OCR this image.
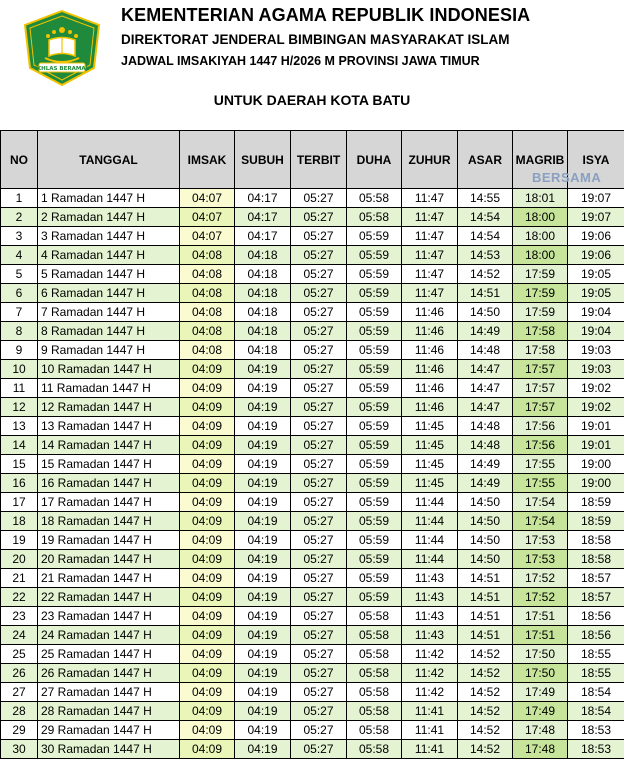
IKHLAS BERAMAL
KEMENTERIAN AGAMA REPUBLIK INDONESIA
DIREKTORAT JENDERAL BIMBINGAN MASYARAKAT ISLAM
JADWAL IMSAKIYAH 1447 H/2026 M PROVINSI JAWA TIMUR
UNTUK DAERAH KOTA BATU
NO	TANGGAL	IMSAK	SUBUH	TERBIT	DUHA	ZUHUR	ASAR	MAGRIB	ISYA
1	1 Ramadan 1447 H	04:07	04:17	05:27	05:58	11:47	14:55	18:01	19:07
2	2 Ramadan 1447 H	04:07	04:17	05:27	05:58	11:47	14:54	18:00	19:07
3	3 Ramadan 1447 H	04:07	04:17	05:27	05:59	11:47	14:54	18:00	19:06
4	4 Ramadan 1447 H	04:08	04:18	05:27	05:59	11:47	14:53	18:00	19:06
5	5 Ramadan 1447 H	04:08	04:18	05:27	05:59	11:47	14:52	17:59	19:05
6	6 Ramadan 1447 H	04:08	04:18	05:27	05:59	11:47	14:51	17:59	19:05
7	7 Ramadan 1447 H	04:08	04:18	05:27	05:59	11:46	14:50	17:59	19:04
8	8 Ramadan 1447 H	04:08	04:18	05:27	05:59	11:46	14:49	17:58	19:04
9	9 Ramadan 1447 H	04:08	04:18	05:27	05:59	11:46	14:48	17:58	19:03
10	10 Ramadan 1447 H	04:09	04:19	05:27	05:59	11:46	14:47	17:57	19:03
11	11 Ramadan 1447 H	04:09	04:19	05:27	05:59	11:46	14:47	17:57	19:02
12	12 Ramadan 1447 H	04:09	04:19	05:27	05:59	11:46	14:47	17:57	19:02
13	13 Ramadan 1447 H	04:09	04:19	05:27	05:59	11:45	14:48	17:56	19:01
14	14 Ramadan 1447 H	04:09	04:19	05:27	05:59	11:45	14:48	17:56	19:01
15	15 Ramadan 1447 H	04:09	04:19	05:27	05:59	11:45	14:49	17:55	19:00
16	16 Ramadan 1447 H	04:09	04:19	05:27	05:59	11:45	14:49	17:55	19:00
17	17 Ramadan 1447 H	04:09	04:19	05:27	05:59	11:44	14:50	17:54	18:59
18	18 Ramadan 1447 H	04:09	04:19	05:27	05:59	11:44	14:50	17:54	18:59
19	19 Ramadan 1447 H	04:09	04:19	05:27	05:59	11:44	14:50	17:53	18:58
20	20 Ramadan 1447 H	04:09	04:19	05:27	05:59	11:44	14:50	17:53	18:58
21	21 Ramadan 1447 H	04:09	04:19	05:27	05:59	11:43	14:51	17:52	18:57
22	22 Ramadan 1447 H	04:09	04:19	05:27	05:59	11:43	14:51	17:52	18:57
23	23 Ramadan 1447 H	04:09	04:19	05:27	05:58	11:43	14:51	17:51	18:56
24	24 Ramadan 1447 H	04:09	04:19	05:27	05:58	11:43	14:51	17:51	18:56
25	25 Ramadan 1447 H	04:09	04:19	05:27	05:58	11:42	14:52	17:50	18:55
26	26 Ramadan 1447 H	04:09	04:19	05:27	05:58	11:42	14:52	17:50	18:55
27	27 Ramadan 1447 H	04:09	04:19	05:27	05:58	11:42	14:52	17:49	18:54
28	28 Ramadan 1447 H	04:09	04:19	05:27	05:58	11:41	14:52	17:49	18:54
29	29 Ramadan 1447 H	04:09	04:19	05:27	05:58	11:41	14:52	17:48	18:53
30	30 Ramadan 1447 H	04:09	04:19	05:27	05:58	11:41	14:52	17:48	18:53
BERSAMA
